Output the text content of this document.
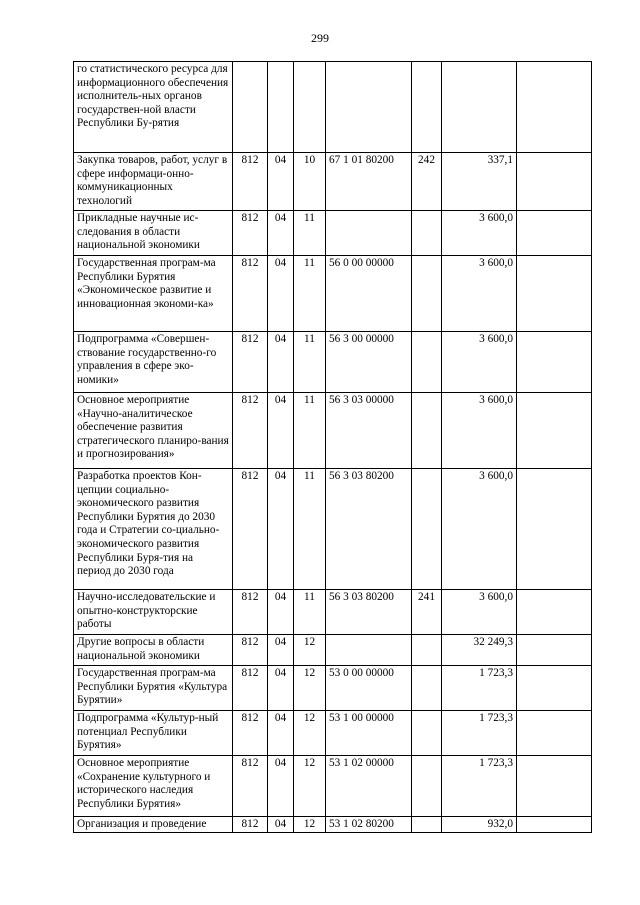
299
го статистического ресурса для информационного обеспечения исполнитель-ных органов государствен-ной власти Республики Бу-рятия							
Закупка товаров, работ, услуг в сфере информаци-онно-коммуникационных технологий	812	04	10	67 1 01 80200	242	337,1	
Прикладные научные ис-следования в области национальной экономики	812	04	11			3 600,0	
Государственная програм-ма Республики Бурятия «Экономическое развитие и инновационная экономи-ка»	812	04	11	56 0 00 00000		3 600,0	
Подпрограмма «Совершен-ствование государственно-го управления в сфере эко-номики»	812	04	11	56 3 00 00000		3 600,0	
Основное мероприятие «Научно-аналитическое обеспечение развития стратегического планиро-вания и прогнозирования»	812	04	11	56 3 03 00000		3 600,0	
Разработка проектов Кон-цепции социально-экономического развития Республики Бурятия до 2030 года и Стратегии со-циально-экономического развития Республики Буря-тия на период до 2030 года	812	04	11	56 3 03 80200		3 600,0	
Научно-исследовательские и опытно-конструкторские работы	812	04	11	56 3 03 80200	241	3 600,0	
Другие вопросы в области национальной экономики	812	04	12			32 249,3	
Государственная програм-ма Республики Бурятия «Культура Бурятии»	812	04	12	53 0 00 00000		1 723,3	
Подпрограмма «Культур-ный потенциал Республики Бурятия»	812	04	12	53 1 00 00000		1 723,3	
Основное мероприятие «Сохранение культурного и исторического наследия Республики Бурятия»	812	04	12	53 1 02 00000		1 723,3	
Организация и проведение	812	04	12	53 1 02 80200		932,0	
